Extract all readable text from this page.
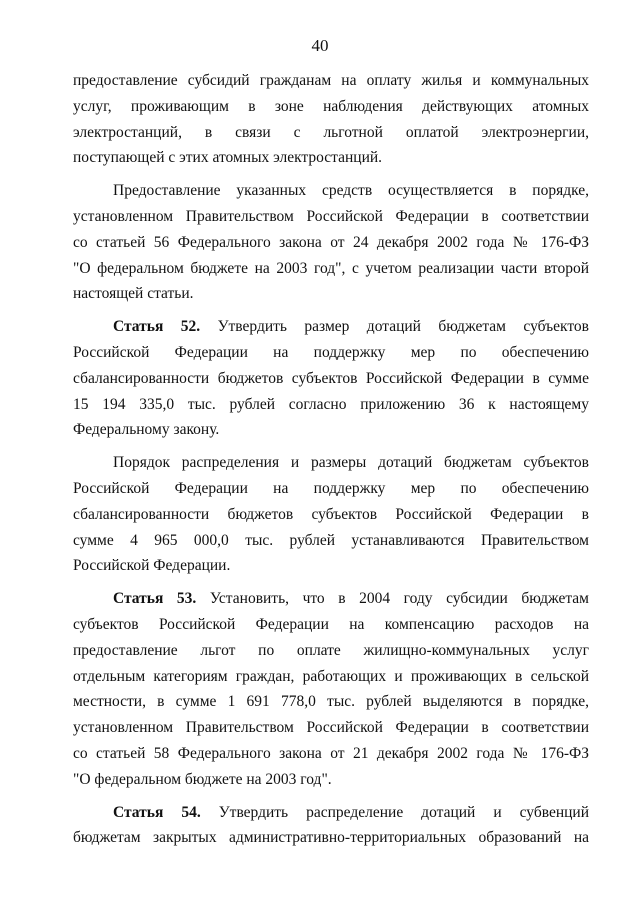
40
предоставление субсидий гражданам на оплату жилья и коммунальных
услуг, проживающим в зоне наблюдения действующих атомных
электростанций, в связи с льготной оплатой электроэнергии,
поступающей с этих атомных электростанций.
Предоставление указанных средств осуществляется в порядке,
установленном Правительством Российской Федерации в соответствии
со статьей 56 Федерального закона от 24 декабря 2002 года № 176-ФЗ
"О федеральном бюджете на 2003 год", с учетом реализации части второй
настоящей статьи.
Статья 52. Утвердить размер дотаций бюджетам субъектов
Российской Федерации на поддержку мер по обеспечению
сбалансированности бюджетов субъектов Российской Федерации в сумме
15 194 335,0 тыс. рублей согласно приложению 36 к настоящему
Федеральному закону.
Порядок распределения и размеры дотаций бюджетам субъектов
Российской Федерации на поддержку мер по обеспечению
сбалансированности бюджетов субъектов Российской Федерации в
сумме 4 965 000,0 тыс. рублей устанавливаются Правительством
Российской Федерации.
Статья 53. Установить, что в 2004 году субсидии бюджетам
субъектов Российской Федерации на компенсацию расходов на
предоставление льгот по оплате жилищно-коммунальных услуг
отдельным категориям граждан, работающих и проживающих в сельской
местности, в сумме 1 691 778,0 тыс. рублей выделяются в порядке,
установленном Правительством Российской Федерации в соответствии
со статьей 58 Федерального закона от 21 декабря 2002 года № 176-ФЗ
"О федеральном бюджете на 2003 год".
Статья 54. Утвердить распределение дотаций и субвенций
бюджетам закрытых административно-территориальных образований на
